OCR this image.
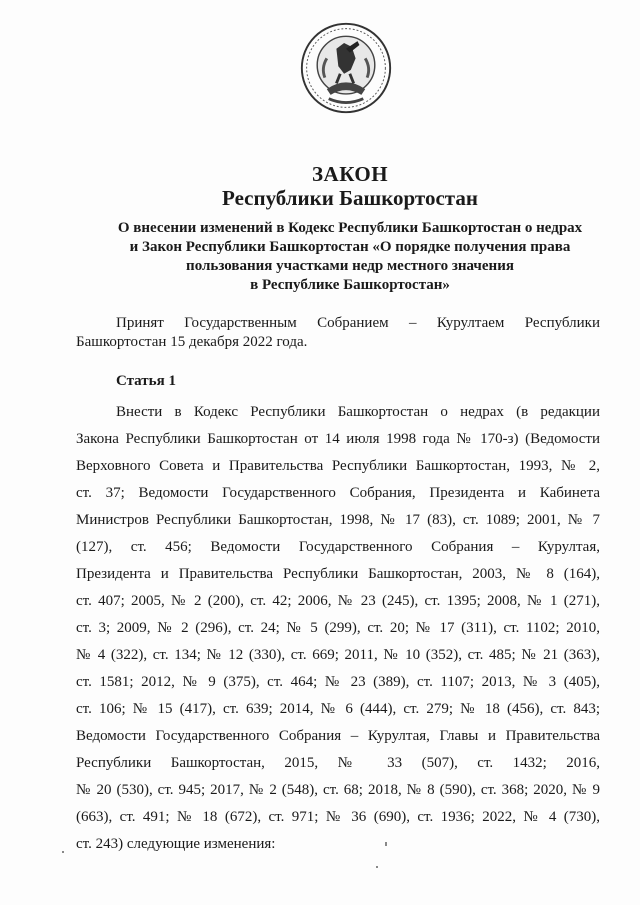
ЗАКОН
Республики Башкортостан
О внесении изменений в Кодекс Республики Башкортостан о недрах
и Закон Республики Башкортостан «О порядке получения права
пользования участками недр местного значения
в Республике Башкортостан»

Принят Государственным Собранием – Курултаем Республики

Башкортостан 15 декабря 2022 года.

Статья 1
Внести в Кодекс Республики Башкортостан о недрах (в редакции
Закона Республики Башкортостан от 14 июля 1998 года № 170-з) (Ведомости
Верховного Совета и Правительства Республики Башкортостан, 1993, № 2,
ст. 37; Ведомости Государственного Собрания, Президента и Кабинета
Министров Республики Башкортостан, 1998, № 17 (83), ст. 1089; 2001, № 7
(127), ст. 456; Ведомости Государственного Собрания – Курултая,
Президента и Правительства Республики Башкортостан, 2003, № 8 (164),
ст. 407; 2005, № 2 (200), ст. 42; 2006, № 23 (245), ст. 1395; 2008, № 1 (271),
ст. 3; 2009, № 2 (296), ст. 24; № 5 (299), ст. 20; № 17 (311), ст. 1102; 2010,
№ 4 (322), ст. 134; № 12 (330), ст. 669; 2011, № 10 (352), ст. 485; № 21 (363),
ст. 1581; 2012, № 9 (375), ст. 464; № 23 (389), ст. 1107; 2013, № 3 (405),
ст. 106; № 15 (417), ст. 639; 2014, № 6 (444), ст. 279; № 18 (456), ст. 843;
Ведомости Государственного Собрания – Курултая, Главы и Правительства
Республики Башкортостан, 2015, № 33 (507), ст. 1432; 2016,
№ 20 (530), ст. 945; 2017, № 2 (548), ст. 68; 2018, № 8 (590), ст. 368; 2020, № 9
(663), ст. 491; № 18 (672), ст. 971; № 36 (690), ст. 1936; 2022, № 4 (730),
ст. 243) следующие изменения:
